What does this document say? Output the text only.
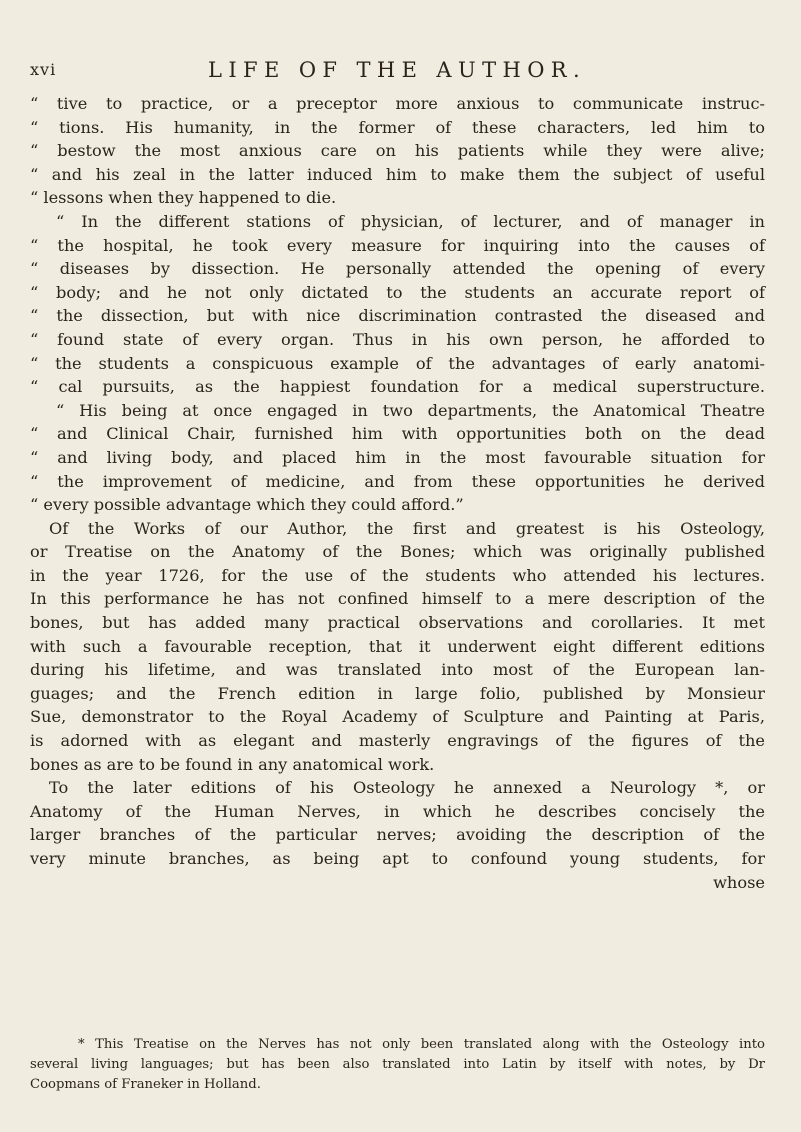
xvi	LIFE OF THE AUTHOR.
“ tive to practice, or a preceptor more anxious to communicate instruc-
“ tions. His humanity, in the former of these characters, led him to
“ bestow the most anxious care on his patients while they were alive;
“ and his zeal in the latter induced him to make them the subject of useful
“ lessons when they happened to die.
“ In the different stations of physician, of lecturer, and of manager in
“ the hospital, he took every measure for inquiring into the causes of
“ diseases by dissection. He personally attended the opening of every
“ body; and he not only dictated to the students an accurate report of
“ the dissection, but with nice discrimination contrasted the diseased and
“ found state of every organ. Thus in his own person, he afforded to
“ the students a conspicuous example of the advantages of early anatomi-
“ cal pursuits, as the happiest foundation for a medical superstructure.
“ His being at once engaged in two departments, the Anatomical Theatre
“ and Clinical Chair, furnished him with opportunities both on the dead
“ and living body, and placed him in the most favourable situation for
“ the improvement of medicine, and from these opportunities he derived
“ every possible advantage which they could afford.”
Of the Works of our Author, the first and greatest is his Osteology,
or Treatise on the Anatomy of the Bones; which was originally published
in the year 1726, for the use of the students who attended his lectures.
In this performance he has not confined himself to a mere description of the
bones, but has added many practical observations and corollaries. It met
with such a favourable reception, that it underwent eight different editions
during his lifetime, and was translated into most of the European lan-
guages; and the French edition in large folio, published by Monsieur
Sue, demonstrator to the Royal Academy of Sculpture and Painting at Paris,
is adorned with as elegant and masterly engravings of the figures of the
bones as are to be found in any anatomical work.
To the later editions of his Osteology he annexed a Neurology *, or
Anatomy of the Human Nerves, in which he describes concisely the
larger branches of the particular nerves; avoiding the description of the
very minute branches, as being apt to confound young students, for
whose
* This Treatise on the Nerves has not only been translated along with the Osteology into
several living languages; but has been also translated into Latin by itself with notes, by Dr
Coopmans of Franeker in Holland.
